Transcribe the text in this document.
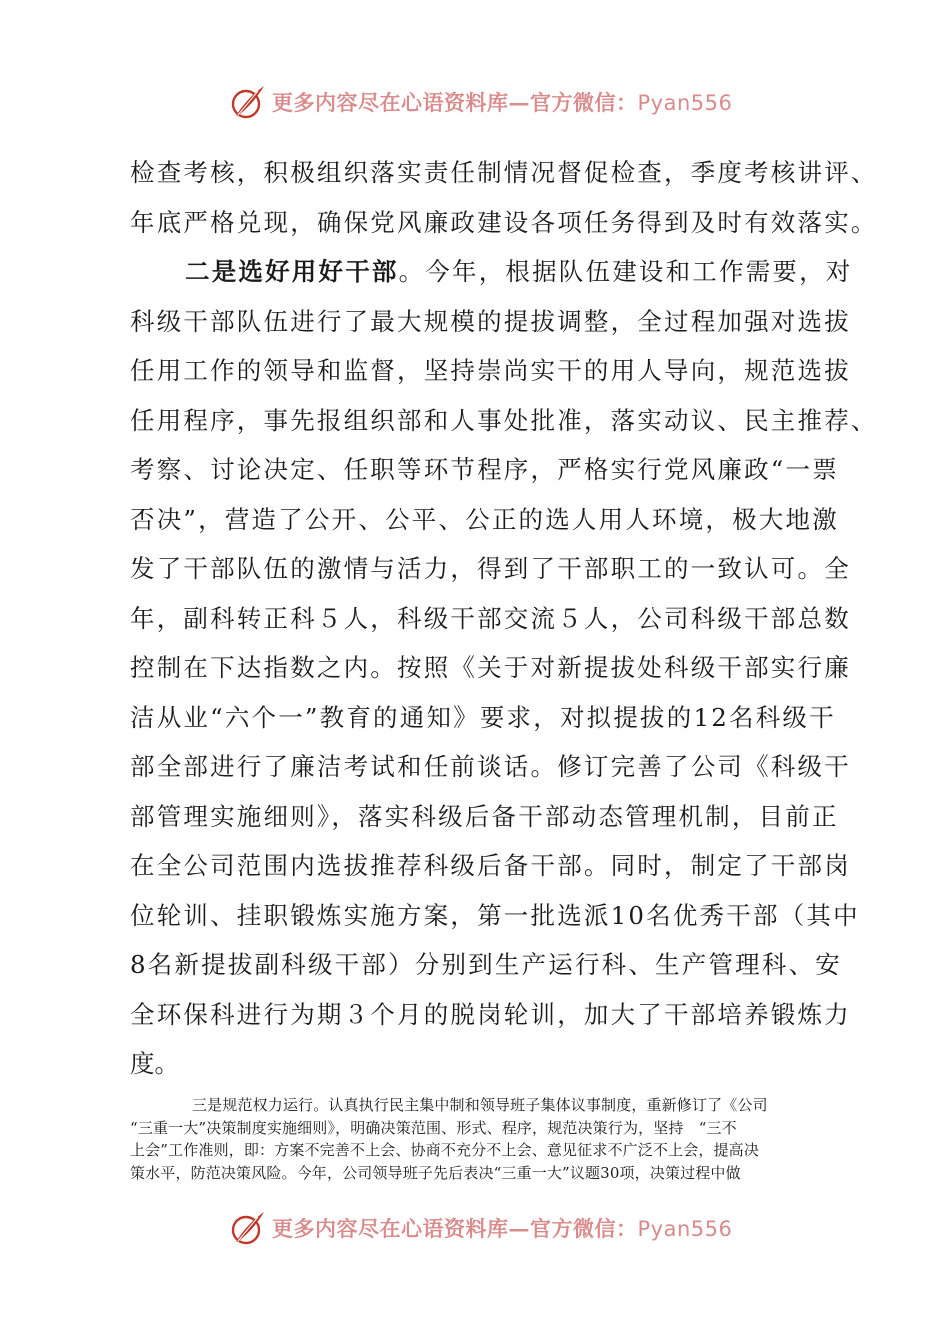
更多内容尽在心语资料库—官方微信：Pyan556
检查考核，积极组织落实责任制情况督促检查，季度考核讲评、
年底严格兑现，确保党风廉政建设各项任务得到及时有效落实。
二是选好用好干部。今年，根据队伍建设和工作需要，对
科级干部队伍进行了最大规模的提拔调整，全过程加强对选拔
任用工作的领导和监督，坚持崇尚实干的用人导向，规范选拔
任用程序，事先报组织部和人事处批准，落实动议、民主推荐、
考察、讨论决定、任职等环节程序，严格实行党风廉政“一票
否决”，营造了公开、公平、公正的选人用人环境，极大地激
发了干部队伍的激情与活力，得到了干部职工的一致认可。全
年，副科转正科５人，科级干部交流５人，公司科级干部总数
控制在下达指数之内。按照《关于对新提拔处科级干部实行廉
洁从业“六个一”教育的通知》要求，对拟提拔的12名科级干
部全部进行了廉洁考试和任前谈话。修订完善了公司《科级干
部管理实施细则》，落实科级后备干部动态管理机制，目前正
在全公司范围内选拔推荐科级后备干部。同时，制定了干部岗
位轮训、挂职锻炼实施方案，第一批选派10名优秀干部（其中
8名新提拔副科级干部）分别到生产运行科、生产管理科、安
全环保科进行为期３个月的脱岗轮训，加大了干部培养锻炼力
度。
三是规范权力运行。认真执行民主集中制和领导班子集体议事制度，重新修订了《公司
“三重一大”决策制度实施细则》，明确决策范围、形式、程序，规范决策行为，坚持　“三不
上会”工作准则，即：方案不完善不上会、协商不充分不上会、意见征求不广泛不上会，提高决
策水平，防范决策风险。今年，公司领导班子先后表决“三重一大”议题30项，决策过程中做
更多内容尽在心语资料库—官方微信：Pyan556
